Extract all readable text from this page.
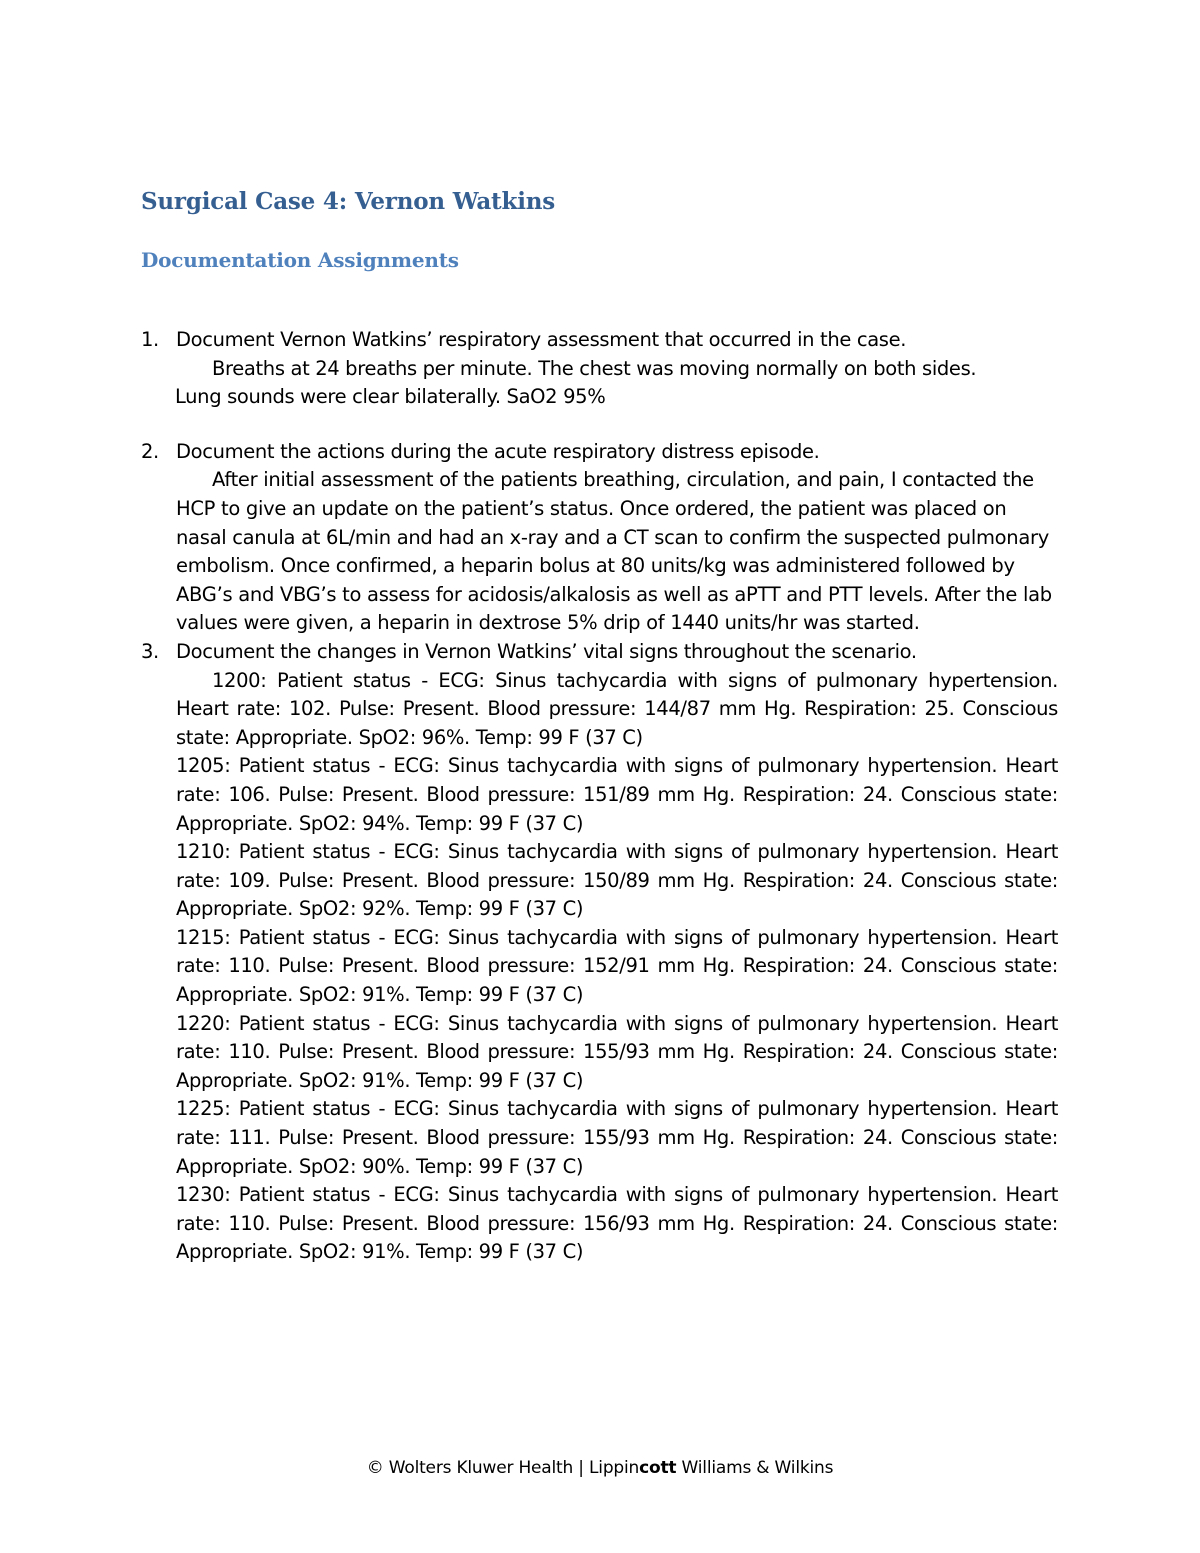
Surgical Case 4: Vernon Watkins
Documentation Assignments
1. Document Vernon Watkins’ respiratory assessment that occurred in the case.
Breaths at 24 breaths per minute. The chest was moving normally on both sides.
Lung sounds were clear bilaterally. SaO2 95%
2. Document the actions during the acute respiratory distress episode.
After initial assessment of the patients breathing, circulation, and pain, I contacted the HCP to give an update on the patient’s status. Once ordered, the patient was placed on nasal canula at 6L/min and had an x-ray and a CT scan to confirm the suspected pulmonary embolism. Once confirmed, a heparin bolus at 80 units/kg was administered followed by ABG’s and VBG’s to assess for acidosis/alkalosis as well as aPTT and PTT levels. After the lab values were given, a heparin in dextrose 5% drip of 1440 units/hr was started.
3. Document the changes in Vernon Watkins’ vital signs throughout the scenario.

1200: Patient status - ECG: Sinus tachycardia with signs of pulmonary hypertension. Heart rate: 102. Pulse: Present. Blood pressure: 144/87 mm Hg. Respiration: 25. Conscious state: Appropriate. SpO2: 96%. Temp: 99 F (37 C)

1205: Patient status - ECG: Sinus tachycardia with signs of pulmonary hypertension. Heart rate: 106. Pulse: Present. Blood pressure: 151/89 mm Hg. Respiration: 24. Conscious state: Appropriate. SpO2: 94%. Temp: 99 F (37 C)

1210: Patient status - ECG: Sinus tachycardia with signs of pulmonary hypertension. Heart rate: 109. Pulse: Present. Blood pressure: 150/89 mm Hg. Respiration: 24. Conscious state: Appropriate. SpO2: 92%. Temp: 99 F (37 C)

1215: Patient status - ECG: Sinus tachycardia with signs of pulmonary hypertension. Heart rate: 110. Pulse: Present. Blood pressure: 152/91 mm Hg. Respiration: 24. Conscious state: Appropriate. SpO2: 91%. Temp: 99 F (37 C)

1220: Patient status - ECG: Sinus tachycardia with signs of pulmonary hypertension. Heart rate: 110. Pulse: Present. Blood pressure: 155/93 mm Hg. Respiration: 24. Conscious state: Appropriate. SpO2: 91%. Temp: 99 F (37 C)

1225: Patient status - ECG: Sinus tachycardia with signs of pulmonary hypertension. Heart rate: 111. Pulse: Present. Blood pressure: 155/93 mm Hg. Respiration: 24. Conscious state: Appropriate. SpO2: 90%. Temp: 99 F (37 C)

1230: Patient status - ECG: Sinus tachycardia with signs of pulmonary hypertension. Heart rate: 110. Pulse: Present. Blood pressure: 156/93 mm Hg. Respiration: 24. Conscious state: Appropriate. SpO2: 91%. Temp: 99 F (37 C)

© Wolters Kluwer Health | Lippincott Williams & Wilkins
